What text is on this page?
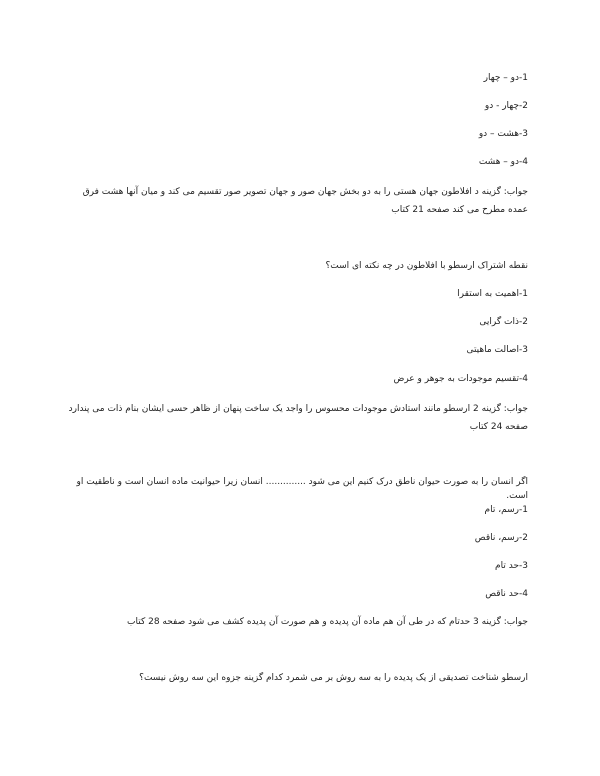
1-دو – چهار
2-چهار - دو
3-هشت – دو
4-دو – هشت
جواب: گزینه د افلاطون جهان هستی را به دو بخش جهان صور و جهان تصویر صور تقسیم می کند و میان آنها هشت فرق عمده مطرح می کند صفحه 21 کتاب
نقطه اشتراک ارسطو با افلاطون در چه نکته ای است؟
1-اهمیت به استقرا
2-ذات گرایی
3-اصالت ماهیتی
4-تقسیم موجودات به جوهر و عرض
جواب: گزینه 2 ارسطو مانند استادش موجودات محسوس را واجد یک ساخت پنهان از ظاهر حسی ایشان بنام ذات می پندارد صفحه 24 کتاب
اگر انسان را به صورت حیوان ناطق درک کنیم این می شود .............. انسان زیرا حیوانیت ماده انسان است و ناطقیت او است.
1-رسم، تام
2-رسم، ناقص
3-حد تام
4-حد ناقص
جواب: گزینه 3 حدتام که در طی آن هم ماده آن پدیده و هم صورت آن پدیده کشف می شود صفحه 28 کتاب
ارسطو شناخت تصدیقی از یک پدیده را به سه روش بر می شمرد کدام گزینه جزوه این سه روش نیست؟
